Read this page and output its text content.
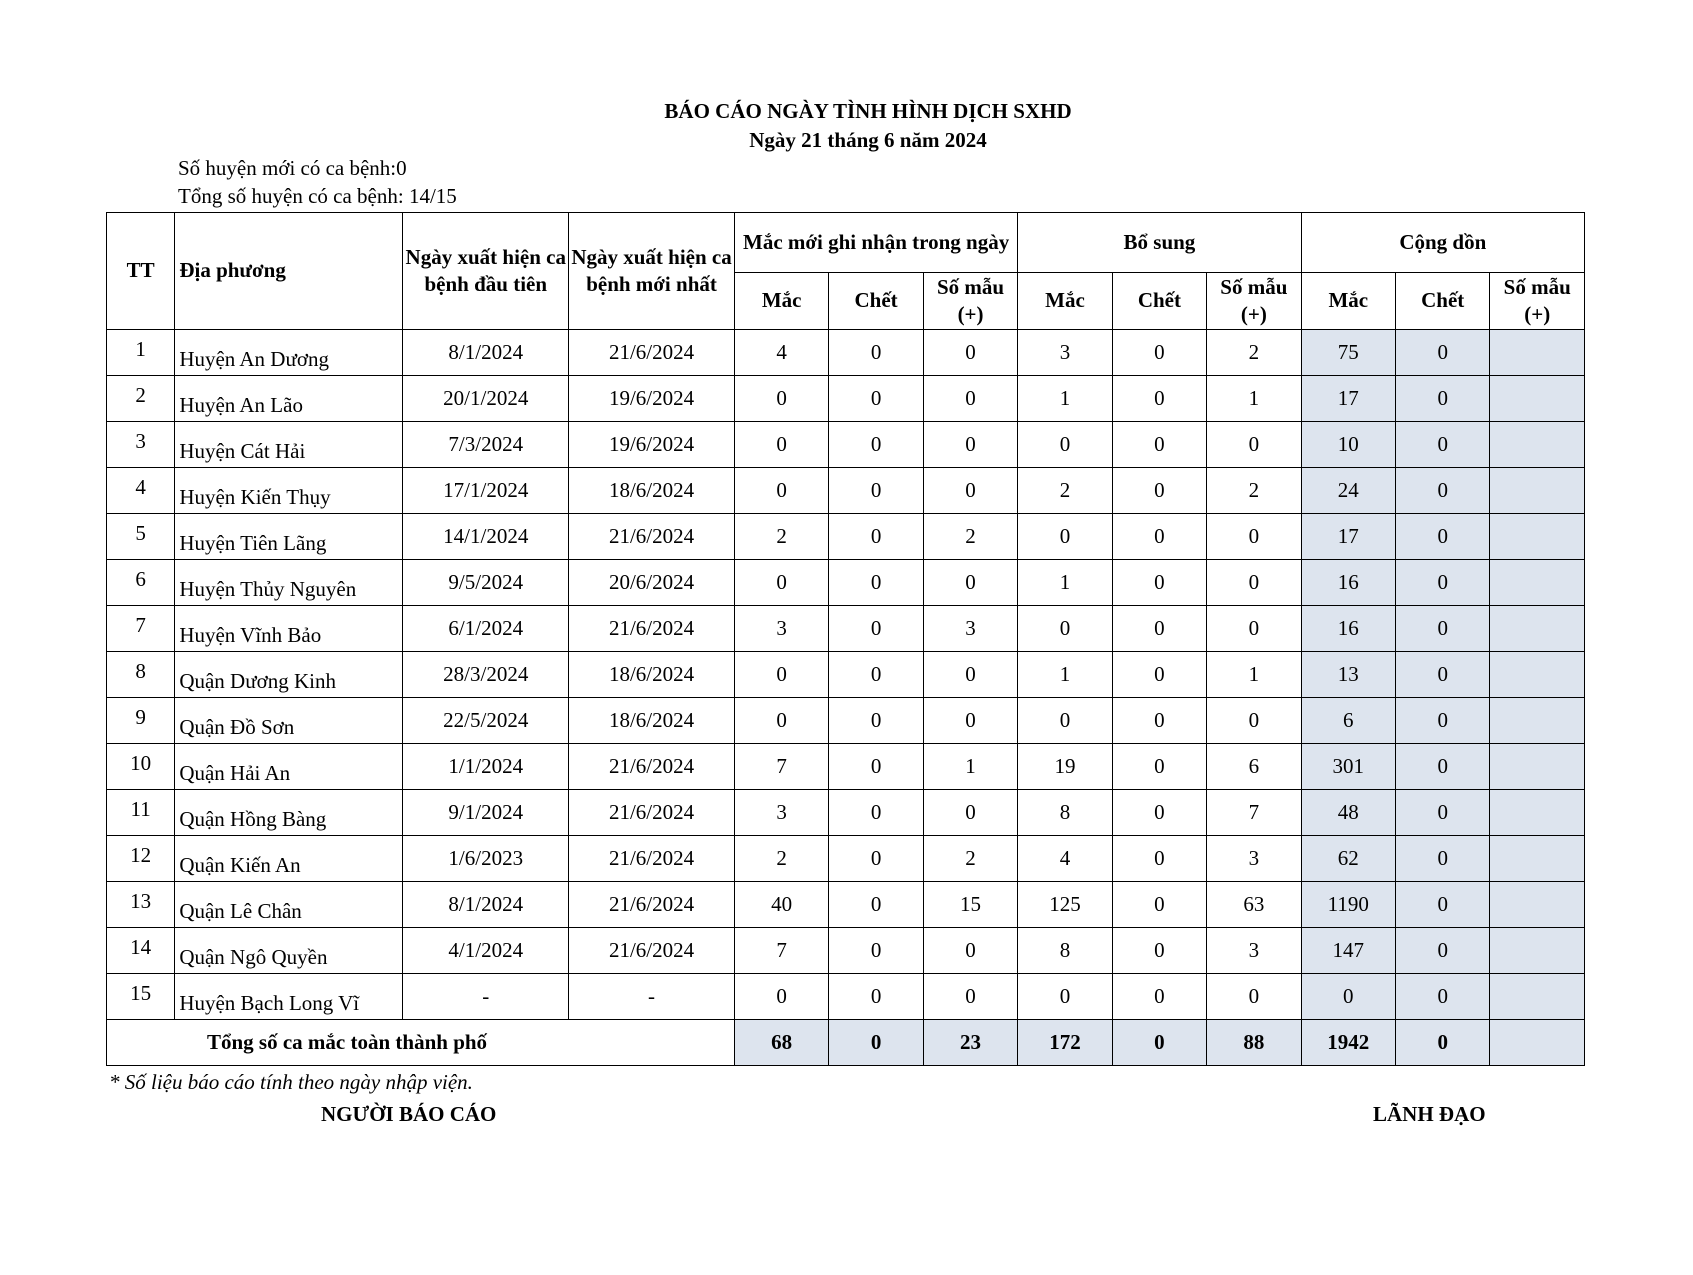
BÁO CÁO NGÀY TÌNH HÌNH DỊCH SXHD
Ngày 21 tháng 6 năm 2024
Số huyện mới có ca bệnh:0
Tổng số huyện có ca bệnh: 14/15
TT	Địa phương	Ngày xuất hiện ca bệnh đầu tiên	Ngày xuất hiện ca bệnh mới nhất	Mắc mới ghi nhận trong ngày			Bổ sung			Cộng dồn		
				Mắc	Chết	Số mẫu (+)	Mắc	Chết	Số mẫu (+)	Mắc	Chết	Số mẫu (+)
1	Huyện An Dương	8/1/2024	21/6/2024	4	0	0	3	0	2	75	0	
2	Huyện An Lão	20/1/2024	19/6/2024	0	0	0	1	0	1	17	0	
3	Huyện Cát Hải	7/3/2024	19/6/2024	0	0	0	0	0	0	10	0	
4	Huyện Kiến Thụy	17/1/2024	18/6/2024	0	0	0	2	0	2	24	0	
5	Huyện Tiên Lãng	14/1/2024	21/6/2024	2	0	2	0	0	0	17	0	
6	Huyện Thủy Nguyên	9/5/2024	20/6/2024	0	0	0	1	0	0	16	0	
7	Huyện Vĩnh Bảo	6/1/2024	21/6/2024	3	0	3	0	0	0	16	0	
8	Quận Dương Kinh	28/3/2024	18/6/2024	0	0	0	1	0	1	13	0	
9	Quận Đồ Sơn	22/5/2024	18/6/2024	0	0	0	0	0	0	6	0	
10	Quận Hải An	1/1/2024	21/6/2024	7	0	1	19	0	6	301	0	
11	Quận Hồng Bàng	9/1/2024	21/6/2024	3	0	0	8	0	7	48	0	
12	Quận Kiến An	1/6/2023	21/6/2024	2	0	2	4	0	3	62	0	
13	Quận Lê Chân	8/1/2024	21/6/2024	40	0	15	125	0	63	1190	0	
14	Quận Ngô Quyền	4/1/2024	21/6/2024	7	0	0	8	0	3	147	0	
15	Huyện Bạch Long Vĩ	-	-	0	0	0	0	0	0	0	0	
Tổng số ca mắc toàn thành phố				68	0	23	172	0	88	1942	0	
* Số liệu báo cáo tính theo ngày nhập viện.
NGƯỜI BÁO CÁO	LÃNH ĐẠO
